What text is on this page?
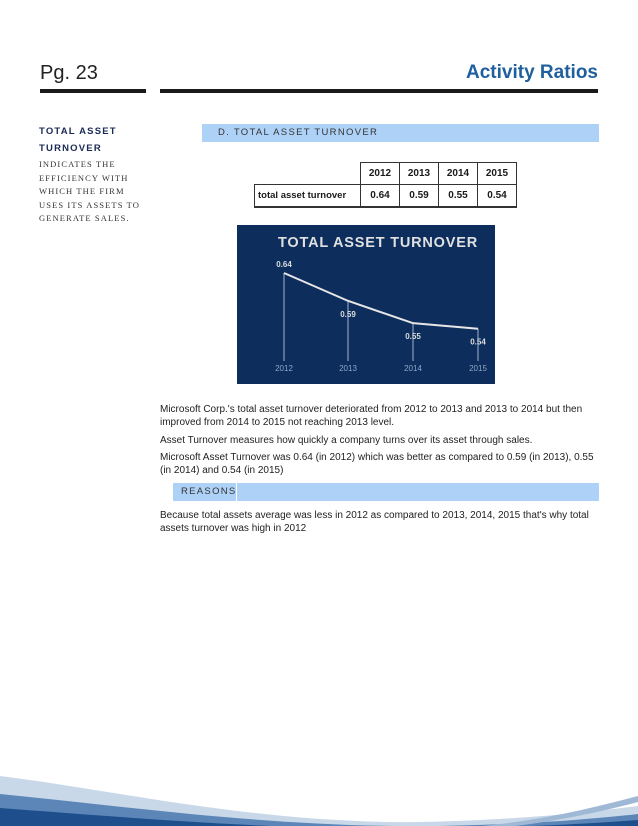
Pg. 23	Activity Ratios
TOTAL ASSET TURNOVER
INDICATES THE EFFICIENCY WITH WHICH THE FIRM USES ITS ASSETS TO GENERATE SALES.
D. TOTAL ASSET TURNOVER
	2012	2013	2014	2015
total asset turnover	0.64	0.59	0.55	0.54
TOTAL ASSET TURNOVER
0.64
0.59
0.55
0.54
2012	2013	2014	2015
Microsoft Corp.'s total asset turnover deteriorated from 2012 to 2013 and 2013 to 2014 but then improved from 2014 to 2015 not reaching 2013 level.
Asset Turnover measures how quickly a company turns over its asset through sales.
Microsoft Asset Turnover was 0.64 (in 2012) which was better as compared to 0.59 (in 2013), 0.55 (in 2014) and 0.54 (in 2015)
REASONS
Because total assets average was less in 2012 as compared to 2013, 2014, 2015 that's why total assets turnover was high in 2012
